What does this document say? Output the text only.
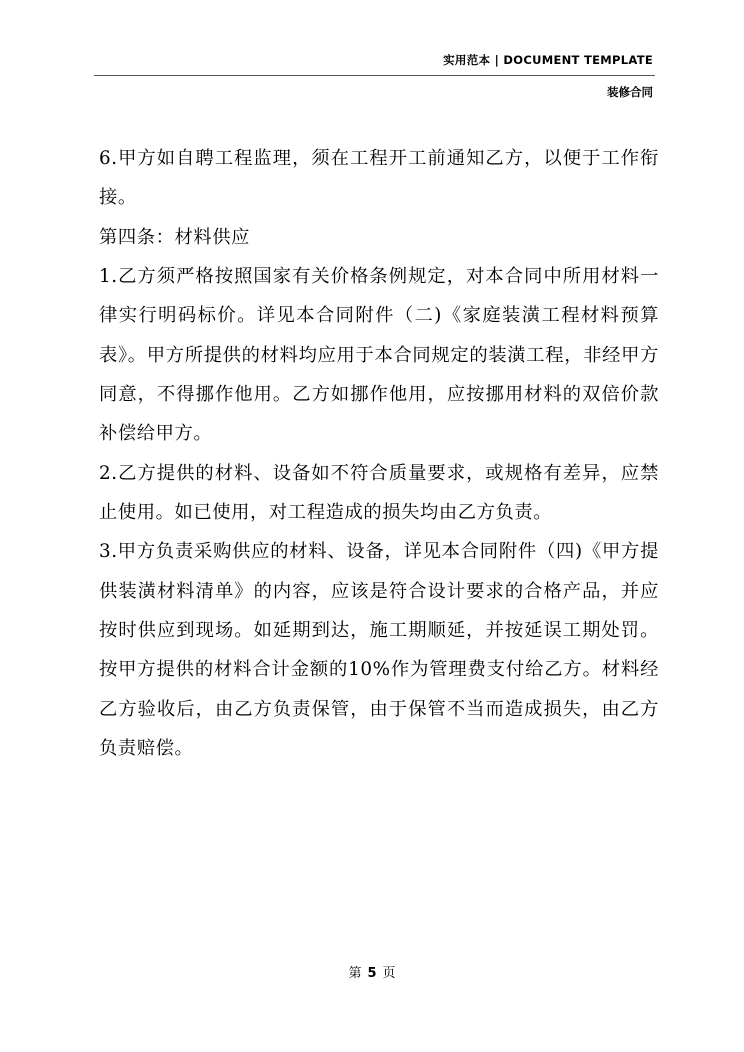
实用范本 | DOCUMENT TEMPLATE
装修合同

6.甲方如自聘工程监理，须在工程开工前通知乙方，以便于工作衔接。

第四条：材料供应

1.乙方须严格按照国家有关价格条例规定，对本合同中所用材料一律实行明码标价。详见本合同附件（二)《家庭装潢工程材料预算表》。甲方所提供的材料均应用于本合同规定的装潢工程，非经甲方同意，不得挪作他用。乙方如挪作他用，应按挪用材料的双倍价款补偿给甲方。

2.乙方提供的材料、设备如不符合质量要求，或规格有差异，应禁止使用。如已使用，对工程造成的损失均由乙方负责。

3.甲方负责采购供应的材料、设备，详见本合同附件（四)《甲方提供装潢材料清单》的内容，应该是符合设计要求的合格产品，并应按时供应到现场。如延期到达，施工期顺延，并按延误工期处罚。按甲方提供的材料合计金额的10%作为管理费支付给乙方。材料经乙方验收后，由乙方负责保管，由于保管不当而造成损失，由乙方负责赔偿。

第 5 页
